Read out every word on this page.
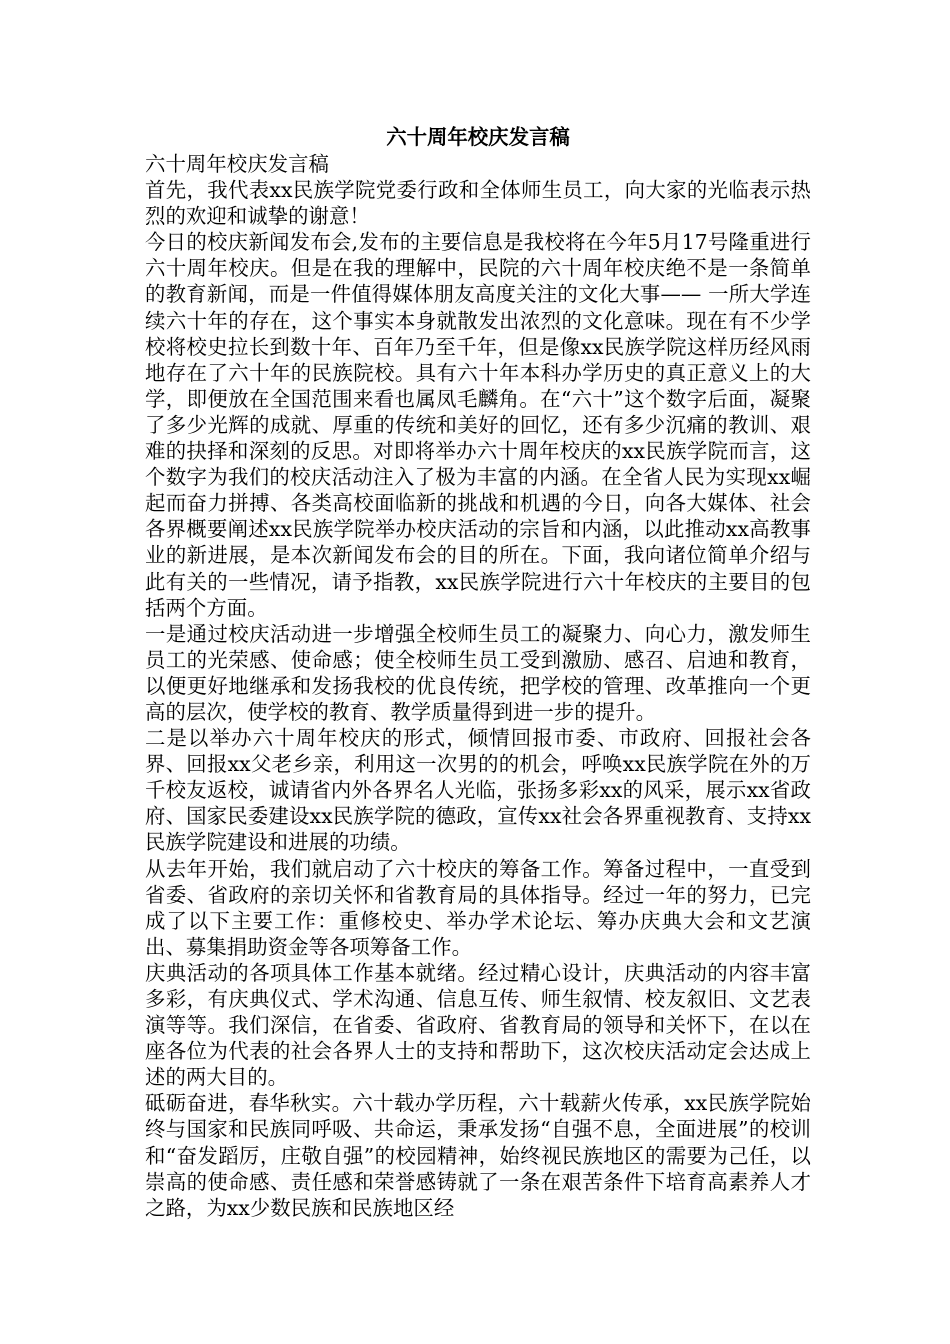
六十周年校庆发言稿

六十周年校庆发言稿

首先，我代表xx民族学院党委行政和全体师生员工，向大家的光临表示热烈的欢迎和诚挚的谢意！

今日的校庆新闻发布会,发布的主要信息是我校将在今年5月17号隆重进行六十周年校庆。但是在我的理解中，民院的六十周年校庆绝不是一条简单的教育新闻，而是一件值得媒体朋友高度关注的文化大事—— 一所大学连续六十年的存在，这个事实本身就散发出浓烈的文化意味。现在有不少学校将校史拉长到数十年、百年乃至千年，但是像xx民族学院这样历经风雨地存在了六十年的民族院校。具有六十年本科办学历史的真正意义上的大学，即便放在全国范围来看也属凤毛麟角。在“六十”这个数字后面，凝聚了多少光辉的成就、厚重的传统和美好的回忆，还有多少沉痛的教训、艰难的抉择和深刻的反思。对即将举办六十周年校庆的xx民族学院而言，这个数字为我们的校庆活动注入了极为丰富的内涵。在全省人民为实现xx崛起而奋力拼搏、各类高校面临新的挑战和机遇的今日，向各大媒体、社会各界概要阐述xx民族学院举办校庆活动的宗旨和内涵，以此推动xx高教事业的新进展，是本次新闻发布会的目的所在。下面，我向诸位简单介绍与此有关的一些情况，请予指教，xx民族学院进行六十年校庆的主要目的包括两个方面。

一是通过校庆活动进一步增强全校师生员工的凝聚力、向心力，激发师生员工的光荣感、使命感；使全校师生员工受到激励、感召、启迪和教育，以便更好地继承和发扬我校的优良传统，把学校的管理、改革推向一个更高的层次，使学校的教育、教学质量得到进一步的提升。

二是以举办六十周年校庆的形式，倾情回报市委、市政府、回报社会各界、回报xx父老乡亲，利用这一次男的的机会，呼唤xx民族学院在外的万千校友返校，诚请省内外各界名人光临，张扬多彩xx的风采，展示xx省政府、国家民委建设xx民族学院的德政，宣传xx社会各界重视教育、支持xx民族学院建设和进展的功绩。

从去年开始，我们就启动了六十校庆的筹备工作。筹备过程中，一直受到省委、省政府的亲切关怀和省教育局的具体指导。经过一年的努力，已完成了以下主要工作：重修校史、举办学术论坛、筹办庆典大会和文艺演出、募集捐助资金等各项筹备工作。

庆典活动的各项具体工作基本就绪。经过精心设计，庆典活动的内容丰富多彩，有庆典仪式、学术沟通、信息互传、师生叙情、校友叙旧、文艺表演等等。我们深信，在省委、省政府、省教育局的领导和关怀下，在以在座各位为代表的社会各界人士的支持和帮助下，这次校庆活动定会达成上述的两大目的。

砥砺奋进，春华秋实。六十载办学历程，六十载薪火传承，xx民族学院始终与国家和民族同呼吸、共命运，秉承发扬“自强不息，全面进展”的校训和“奋发蹈厉，庄敬自强”的校园精神，始终视民族地区的需要为己任，以崇高的使命感、责任感和荣誉感铸就了一条在艰苦条件下培育高素养人才之路，为xx少数民族和民族地区经
